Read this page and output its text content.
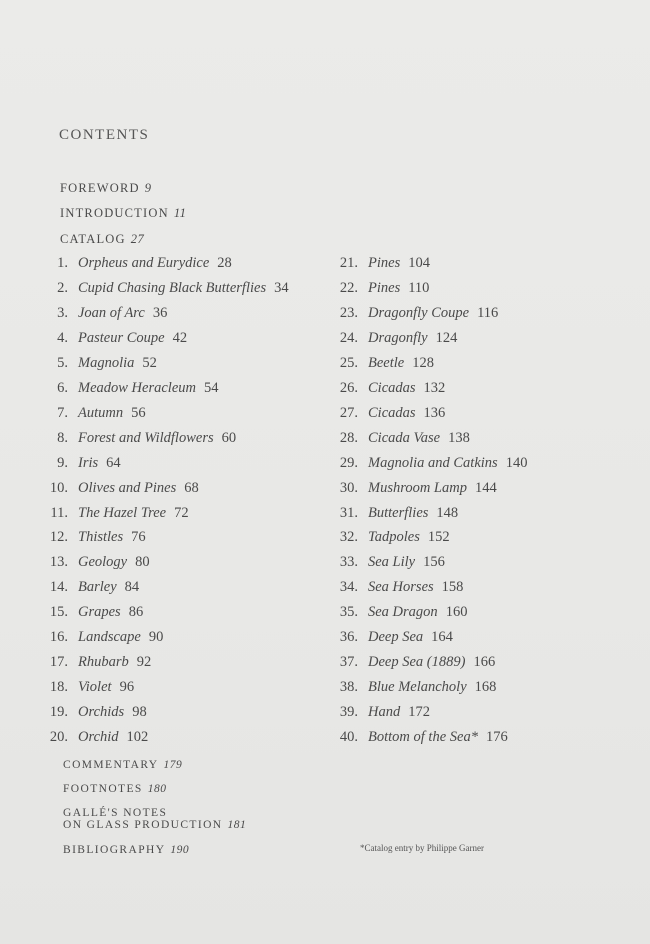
contents
FOREWORD 9
INTRODUCTION 11
CATALOG 27
1. Orpheus and Eurydice 28
2. Cupid Chasing Black Butterflies 34
3. Joan of Arc 36
4. Pasteur Coupe 42
5. Magnolia 52
6. Meadow Heracleum 54
7. Autumn 56
8. Forest and Wildflowers 60
9. Iris 64
10. Olives and Pines 68
11. The Hazel Tree 72
12. Thistles 76
13. Geology 80
14. Barley 84
15. Grapes 86
16. Landscape 90
17. Rhubarb 92
18. Violet 96
19. Orchids 98
20. Orchid 102
21. Pines 104
22. Pines 110
23. Dragonfly Coupe 116
24. Dragonfly 124
25. Beetle 128
26. Cicadas 132
27. Cicadas 136
28. Cicada Vase 138
29. Magnolia and Catkins 140
30. Mushroom Lamp 144
31. Butterflies 148
32. Tadpoles 152
33. Sea Lily 156
34. Sea Horses 158
35. Sea Dragon 160
36. Deep Sea 164
37. Deep Sea (1889) 166
38. Blue Melancholy 168
39. Hand 172
40. Bottom of the Sea* 176
COMMENTARY 179
FOOTNOTES 180
GALLÉ'S NOTES
ON GLASS PRODUCTION 181
BIBLIOGRAPHY 190	*Catalog entry by Philippe Garner
